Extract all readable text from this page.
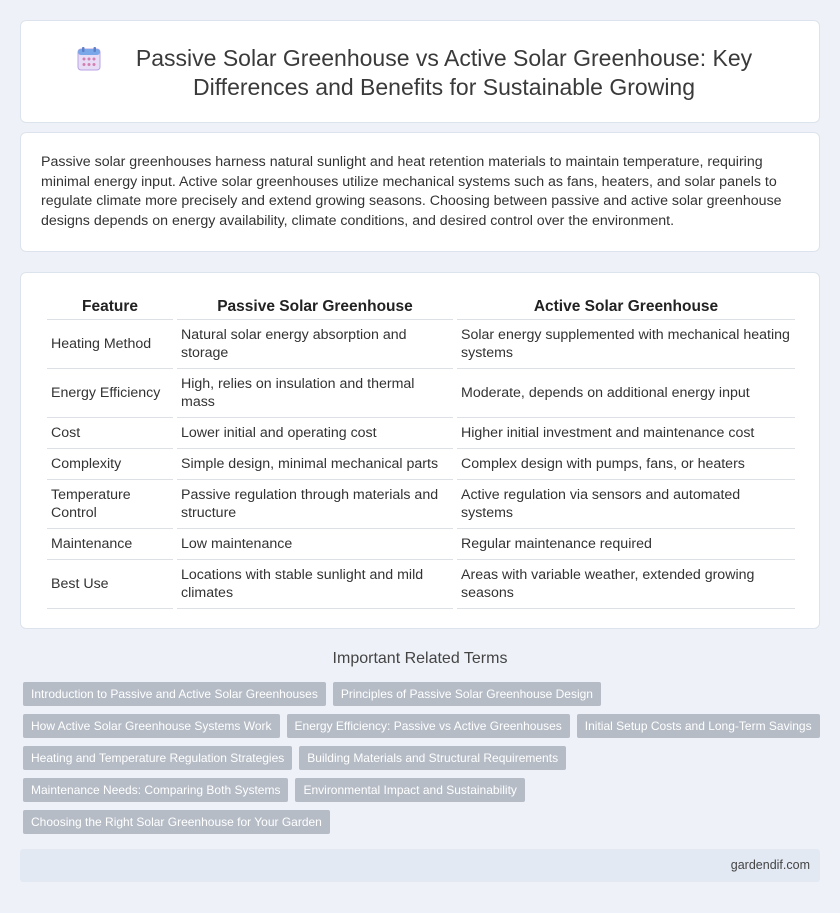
Passive Solar Greenhouse vs Active Solar Greenhouse: Key Differences and Benefits for Sustainable Growing

Passive solar greenhouses harness natural sunlight and heat retention materials to maintain temperature, requiring minimal energy input. Active solar greenhouses utilize mechanical systems such as fans, heaters, and solar panels to regulate climate more precisely and extend growing seasons. Choosing between passive and active solar greenhouse designs depends on energy availability, climate conditions, and desired control over the environment.

Feature	Passive Solar Greenhouse	Active Solar Greenhouse
Heating Method	Natural solar energy absorption and storage	Solar energy supplemented with mechanical heating systems
Energy Efficiency	High, relies on insulation and thermal mass	Moderate, depends on additional energy input
Cost	Lower initial and operating cost	Higher initial investment and maintenance cost
Complexity	Simple design, minimal mechanical parts	Complex design with pumps, fans, or heaters
Temperature Control	Passive regulation through materials and structure	Active regulation via sensors and automated systems
Maintenance	Low maintenance	Regular maintenance required
Best Use	Locations with stable sunlight and mild climates	Areas with variable weather, extended growing seasons
Important Related Terms
Introduction to Passive and Active Solar Greenhouses	Principles of Passive Solar Greenhouse Design
How Active Solar Greenhouse Systems Work	Energy Efficiency: Passive vs Active Greenhouses	Initial Setup Costs and Long-Term Savings
Heating and Temperature Regulation Strategies	Building Materials and Structural Requirements
Maintenance Needs: Comparing Both Systems	Environmental Impact and Sustainability
Choosing the Right Solar Greenhouse for Your Garden
gardendif.com
